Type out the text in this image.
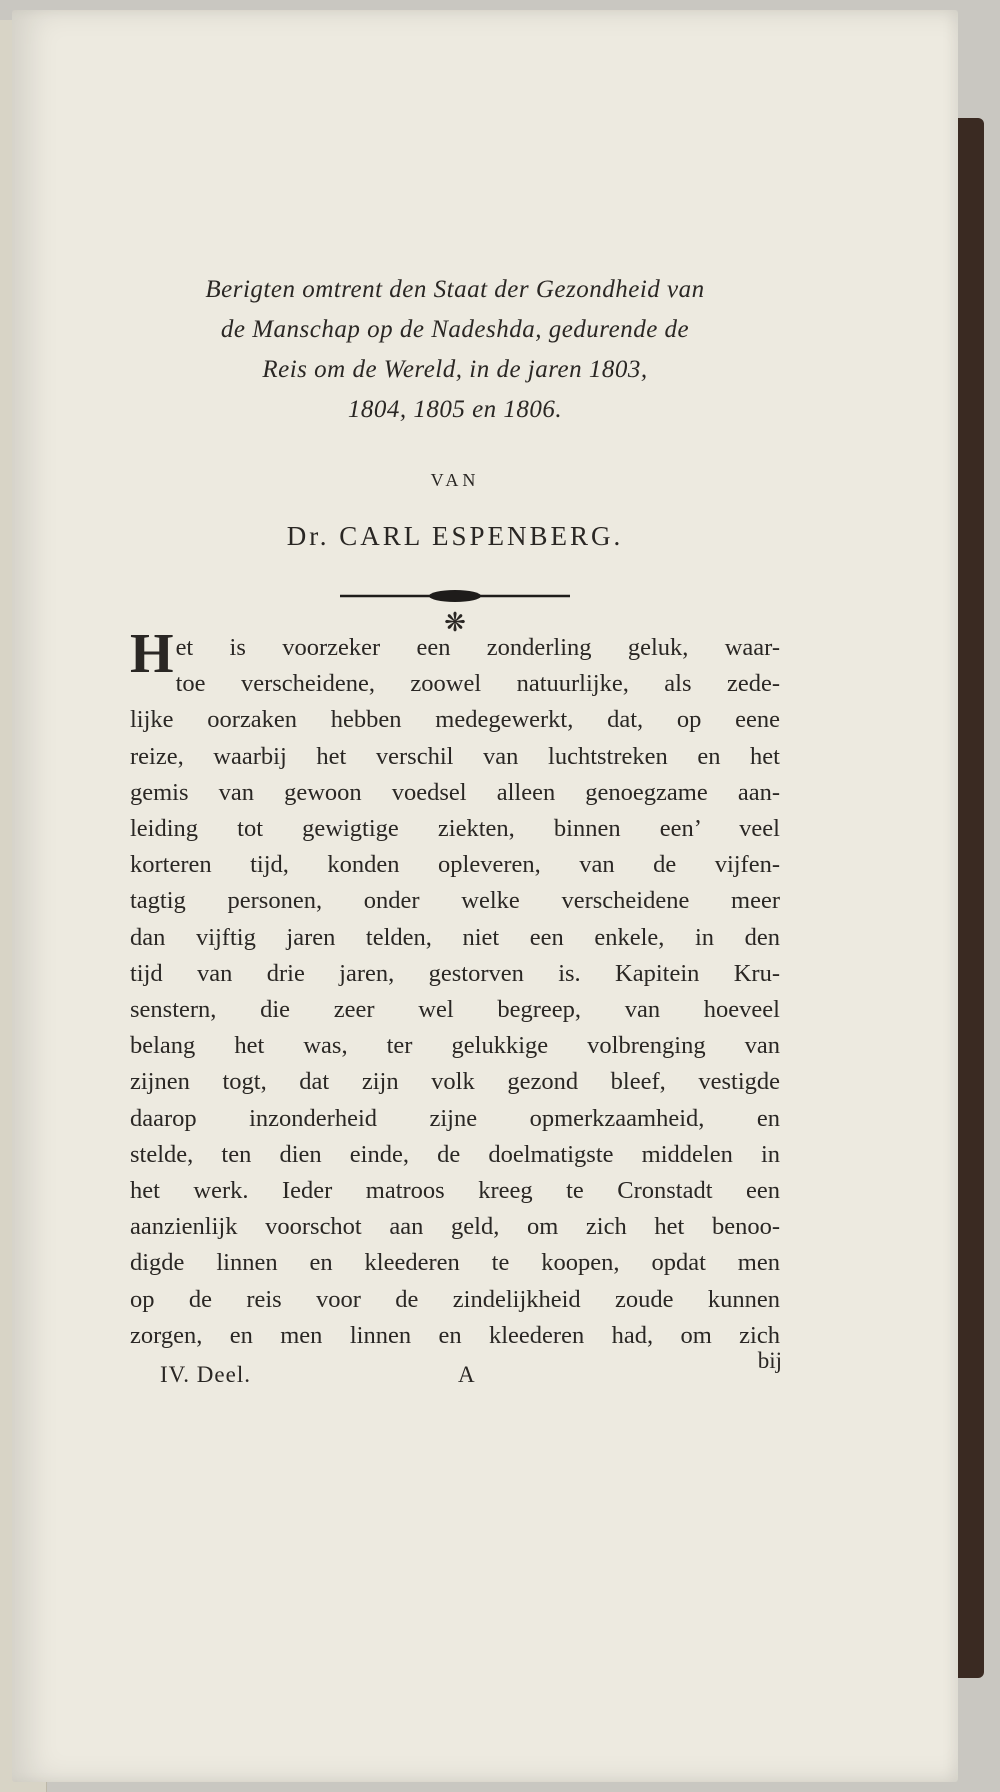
Berigten omtrent den Staat der Gezondheid van
de Manschap op de Nadeshda, gedurende de
Reis om de Wereld, in de jaren 1803,
1804, 1805 en 1806.
VAN
Dr. CARL ESPENBERG.
❋
Het is voorzeker een zonderling geluk, waar-
toe verscheidene, zoowel natuurlijke, als zede-
lijke oorzaken hebben medegewerkt, dat, op eene
reize, waarbij het verschil van luchtstreken en het
gemis van gewoon voedsel alleen genoegzame aan-
leiding tot gewigtige ziekten, binnen een’ veel
korteren tijd, konden opleveren, van de vijfen-
tagtig personen, onder welke verscheidene meer
dan vijftig jaren telden, niet een enkele, in den
tijd van drie jaren, gestorven is. Kapitein Kru-
senstern, die zeer wel begreep, van hoeveel
belang het was, ter gelukkige volbrenging van
zijnen togt, dat zijn volk gezond bleef, vestigde
daarop inzonderheid zijne opmerkzaamheid, en
stelde, ten dien einde, de doelmatigste middelen in
het werk. Ieder matroos kreeg te Cronstadt een
aanzienlijk voorschot aan geld, om zich het benoo-
digde linnen en kleederen te koopen, opdat men
op de reis voor de zindelijkheid zoude kunnen
zorgen, en men linnen en kleederen had, om zich
IV. Deel.	A
bij
